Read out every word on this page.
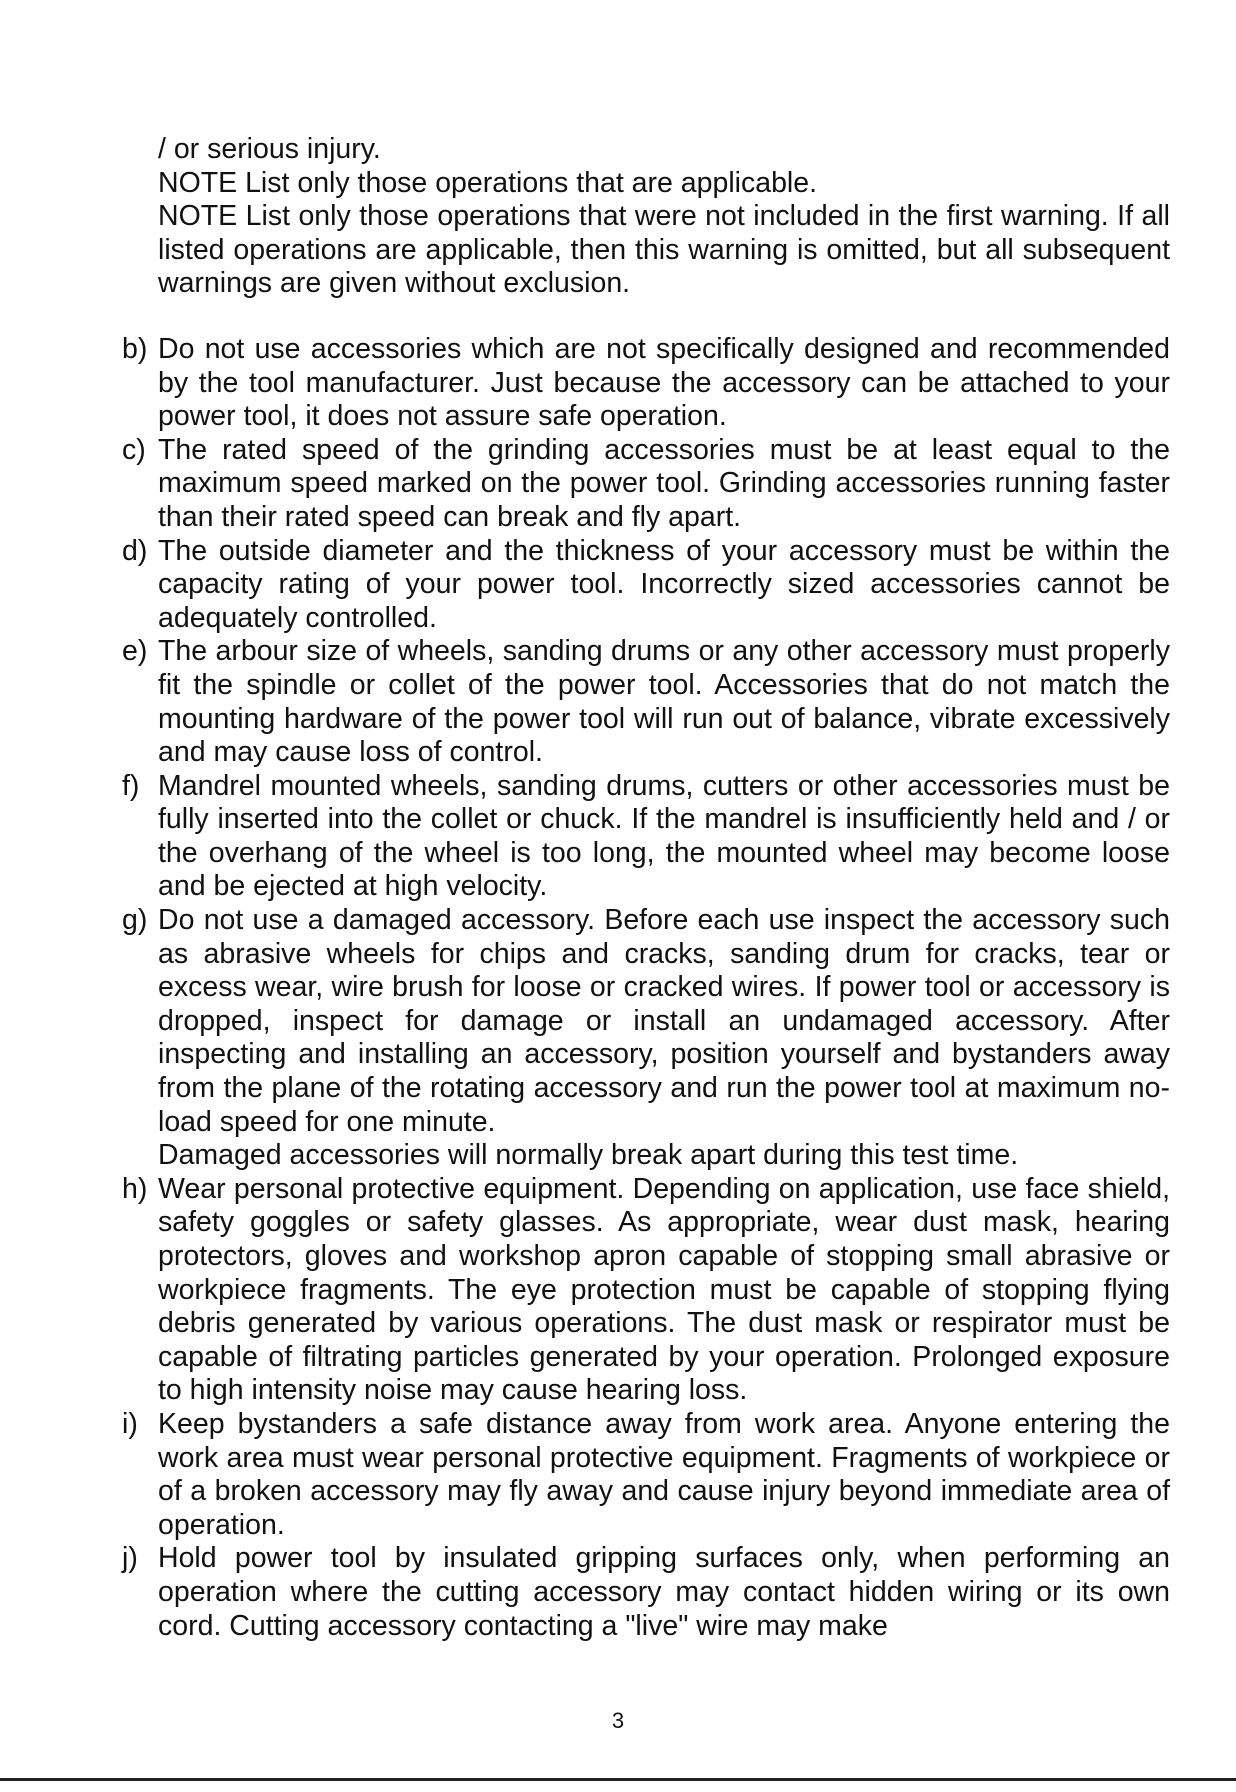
/ or serious injury.

NOTE List only those operations that are applicable.

NOTE List only those operations that were not included in the first warning. If all listed operations are applicable, then this warning is omitted, but all subsequent warnings are given without exclusion.

b) Do not use accessories which are not specifically designed and recommended by the tool manufacturer. Just because the accessory can be attached to your power tool, it does not assure safe operation.
c) The rated speed of the grinding accessories must be at least equal to the maximum speed marked on the power tool. Grinding accessories running faster than their rated speed can break and fly apart.
d) The outside diameter and the thickness of your accessory must be within the capacity rating of your power tool. Incorrectly sized accessories cannot be adequately controlled.
e) The arbour size of wheels, sanding drums or any other accessory must properly fit the spindle or collet of the power tool. Accessories that do not match the mounting hardware of the power tool will run out of balance, vibrate excessively and may cause loss of control.
f) Mandrel mounted wheels, sanding drums, cutters or other accessories must be fully inserted into the collet or chuck. If the mandrel is insufficiently held and / or the overhang of the wheel is too long, the mounted wheel may become loose and be ejected at high velocity.
g) Do not use a damaged accessory. Before each use inspect the accessory such as abrasive wheels for chips and cracks, sanding drum for cracks, tear or excess wear, wire brush for loose or cracked wires. If power tool or accessory is dropped, inspect for damage or install an undamaged accessory. After inspecting and installing an accessory, position yourself and bystanders away from the plane of the rotating accessory and run the power tool at maximum no-load speed for one minute.
Damaged accessories will normally break apart during this test time.
h) Wear personal protective equipment. Depending on application, use face shield, safety goggles or safety glasses. As appropriate, wear dust mask, hearing protectors, gloves and workshop apron capable of stopping small abrasive or workpiece fragments. The eye protection must be capable of stopping flying debris generated by various operations. The dust mask or respirator must be capable of filtrating particles generated by your operation. Prolonged exposure to high intensity noise may cause hearing loss.
i) Keep bystanders a safe distance away from work area. Anyone entering the work area must wear personal protective equipment. Fragments of workpiece or of a broken accessory may fly away and cause injury beyond immediate area of operation.
j) Hold power tool by insulated gripping surfaces only, when performing an operation where the cutting accessory may contact hidden wiring or its own cord. Cutting accessory contacting a "live" wire may make
3
